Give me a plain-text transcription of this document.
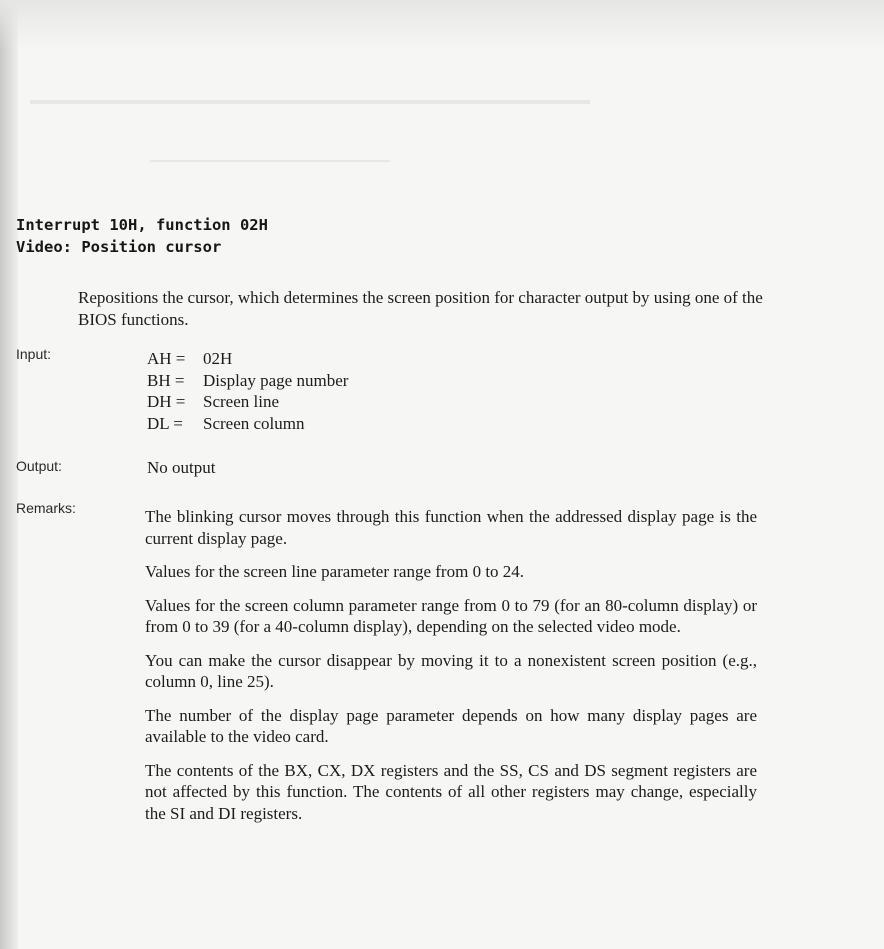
Interrupt 10H, function 02H
Video: Position cursor
Repositions the cursor, which determines the screen position for character output by using one of the BIOS functions.
Input:	AH =	02H
BH =	Display page number
DH =	Screen line
DL =	Screen column
Output:	No output
Remarks:	The blinking cursor moves through this function when the addressed display page is the current display page.

Values for the screen line parameter range from 0 to 24.

Values for the screen column parameter range from 0 to 79 (for an 80-column display) or from 0 to 39 (for a 40-column display), depending on the selected video mode.

You can make the cursor disappear by moving it to a nonexistent screen position (e.g., column 0, line 25).

The number of the display page parameter depends on how many display pages are available to the video card.

The contents of the BX, CX, DX registers and the SS, CS and DS segment registers are not affected by this function. The contents of all other registers may change, especially the SI and DI registers.
